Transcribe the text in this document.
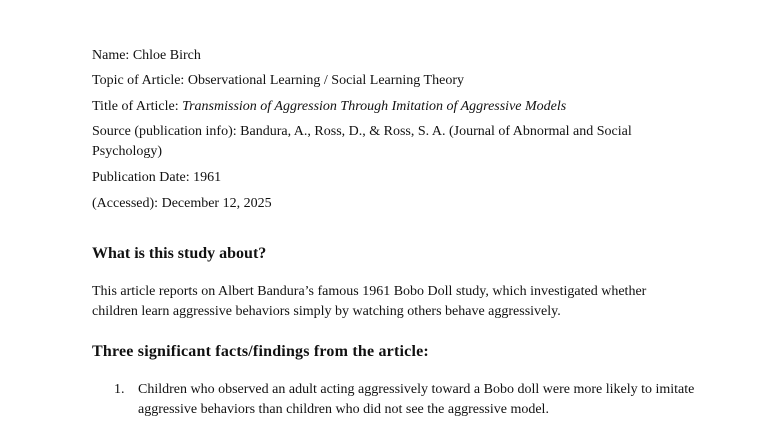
Name: Chloe Birch
Topic of Article: Observational Learning / Social Learning Theory
Title of Article: Transmission of Aggression Through Imitation of Aggressive Models
Source (publication info): Bandura, A., Ross, D., & Ross, S. A. (Journal of Abnormal and Social Psychology)
Publication Date: 1961
(Accessed): December 12, 2025
What is this study about?
This article reports on Albert Bandura’s famous 1961 Bobo Doll study, which investigated whether children learn aggressive behaviors simply by watching others behave aggressively.
Three significant facts/findings from the article:
1. Children who observed an adult acting aggressively toward a Bobo doll were more likely to imitate aggressive behaviors than children who did not see the aggressive model.
